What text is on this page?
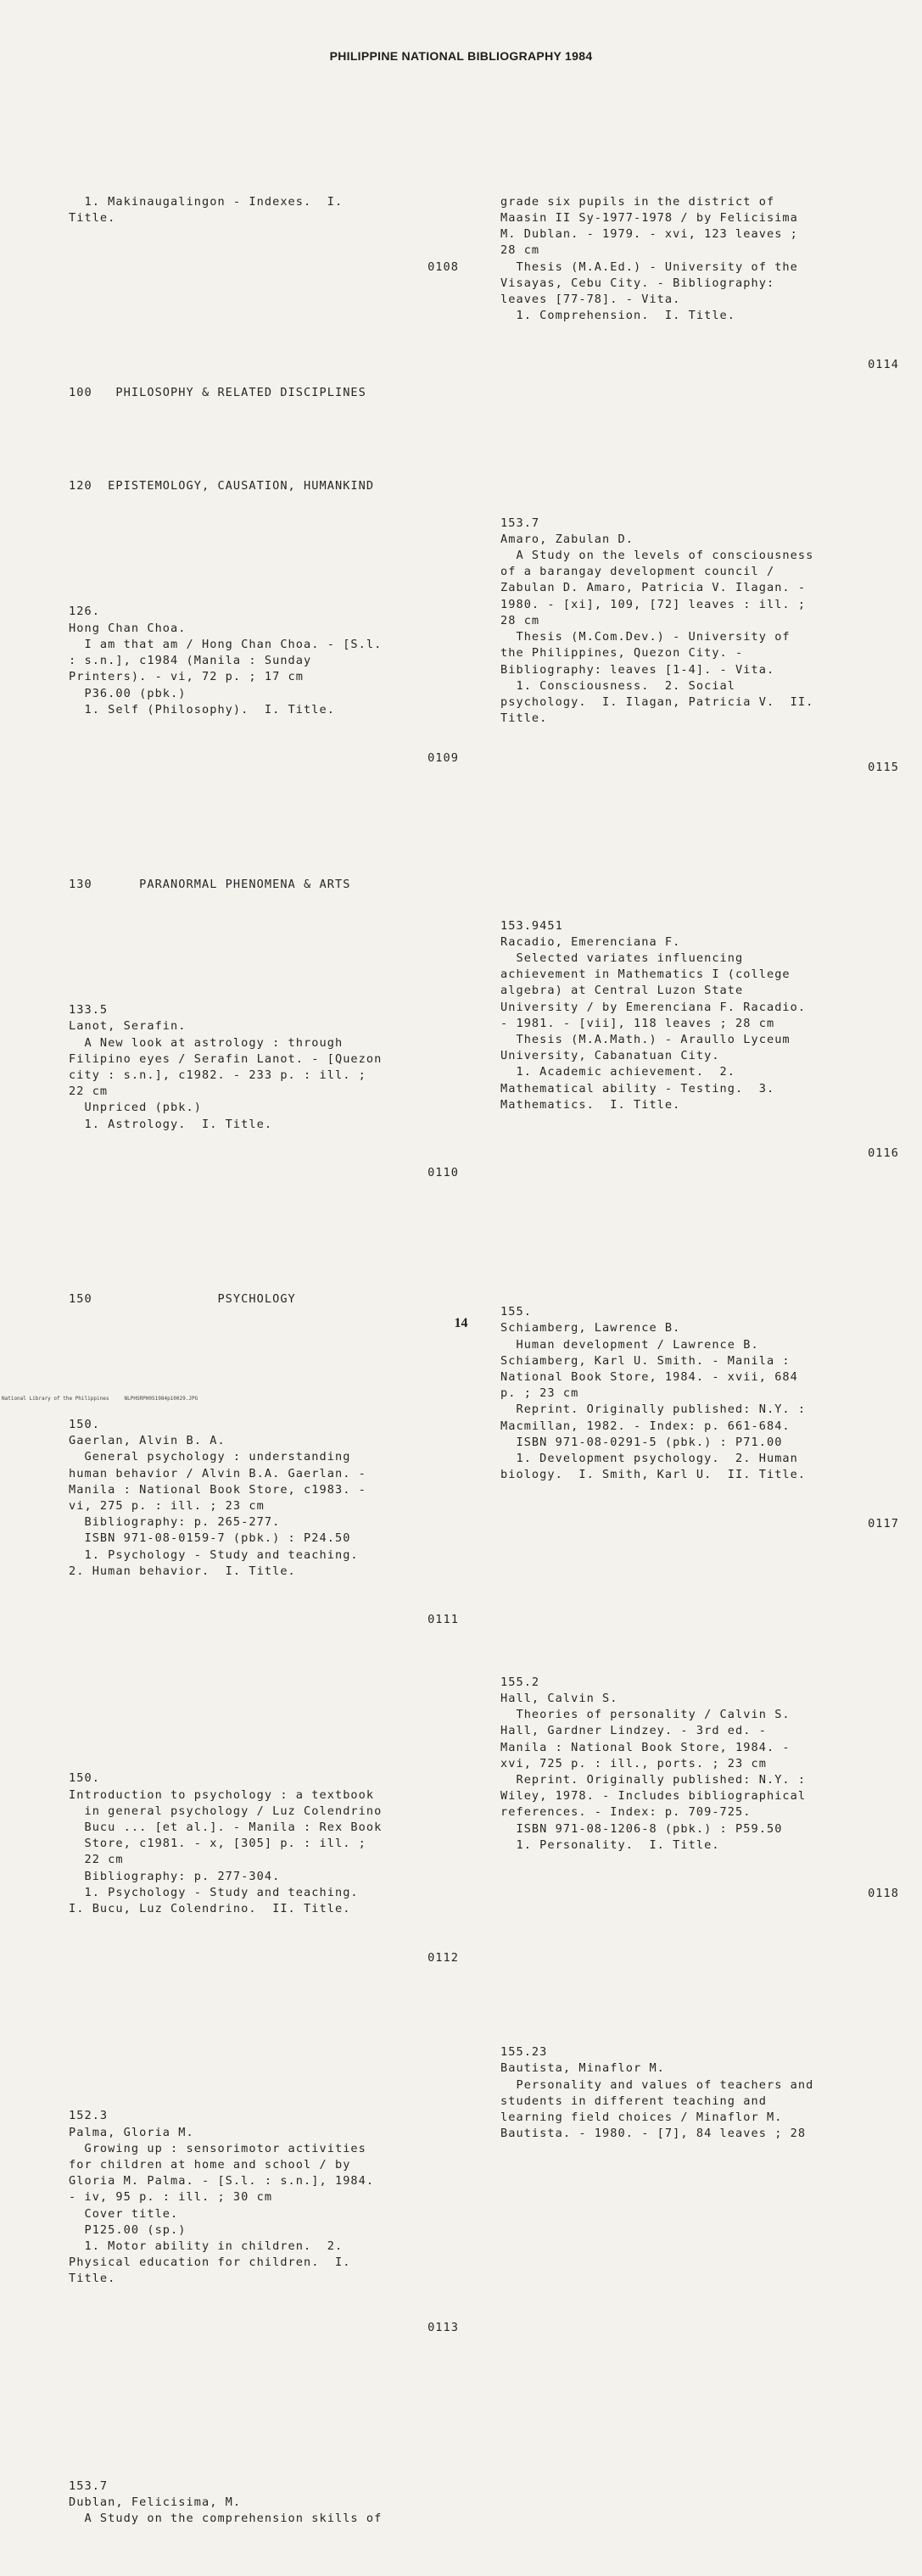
PHILIPPINE NATIONAL BIBLIOGRAPHY 1984

1. Makinaugalingon - Indexes.  I.
Title.

0108

100   PHILOSOPHY & RELATED DISCIPLINES

120  EPISTEMOLOGY, CAUSATION, HUMANKIND

126.
Hong Chan Choa.
I am that am / Hong Chan Choa. - [S.l.
: s.n.], c1984 (Manila : Sunday
Printers). - vi, 72 p. ; 17 cm
P36.00 (pbk.)
1. Self (Philosophy).  I. Title.

0109

130      PARANORMAL PHENOMENA & ARTS

133.5
Lanot, Serafin.
A New look at astrology : through
Filipino eyes / Serafin Lanot. - [Quezon
city : s.n.], c1982. - 233 p. : ill. ;
22 cm
Unpriced (pbk.)
1. Astrology.  I. Title.

0110

150                PSYCHOLOGY

150.
Gaerlan, Alvin B. A.
General psychology : understanding
human behavior / Alvin B.A. Gaerlan. -
Manila : National Book Store, c1983. -
vi, 275 p. : ill. ; 23 cm
Bibliography: p. 265-277.
ISBN 971-08-0159-7 (pbk.) : P24.50
1. Psychology - Study and teaching.
2. Human behavior.  I. Title.

0111

150.
Introduction to psychology : a textbook
in general psychology / Luz Colendrino
Bucu ... [et al.]. - Manila : Rex Book
Store, c1981. - x, [305] p. : ill. ;
22 cm
Bibliography: p. 277-304.
1. Psychology - Study and teaching.
I. Bucu, Luz Colendrino.  II. Title.

0112

152.3
Palma, Gloria M.
Growing up : sensorimotor activities
for children at home and school / by
Gloria M. Palma. - [S.l. : s.n.], 1984.
- iv, 95 p. : ill. ; 30 cm
Cover title.
P125.00 (sp.)
1. Motor ability in children.  2.
Physical education for children.  I.
Title.

0113

153.7
Dublan, Felicisima, M.
A Study on the comprehension skills of

grade six pupils in the district of
Maasin II Sy-1977-1978 / by Felicisima
M. Dublan. - 1979. - xvi, 123 leaves ;
28 cm
Thesis (M.A.Ed.) - University of the
Visayas, Cebu City. - Bibliography:
leaves [77-78]. - Vita.
1. Comprehension.  I. Title.

0114

153.7
Amaro, Zabulan D.
A Study on the levels of consciousness
of a barangay development council /
Zabulan D. Amaro, Patricia V. Ilagan. -
1980. - [xi], 109, [72] leaves : ill. ;
28 cm
Thesis (M.Com.Dev.) - University of
the Philippines, Quezon City. -
Bibliography: leaves [1-4]. - Vita.
1. Consciousness.  2. Social
psychology.  I. Ilagan, Patricia V.  II.
Title.

0115

153.9451
Racadio, Emerenciana F.
Selected variates influencing
achievement in Mathematics I (college
algebra) at Central Luzon State
University / by Emerenciana F. Racadio.
- 1981. - [vii], 118 leaves ; 28 cm
Thesis (M.A.Math.) - Araullo Lyceum
University, Cabanatuan City.
1. Academic achievement.  2.
Mathematical ability - Testing.  3.
Mathematics.  I. Title.

0116

155.
Schiamberg, Lawrence B.
Human development / Lawrence B.
Schiamberg, Karl U. Smith. - Manila :
National Book Store, 1984. - xvii, 684
p. ; 23 cm
Reprint. Originally published: N.Y. :
Macmillan, 1982. - Index: p. 661-684.
ISBN 971-08-0291-5 (pbk.) : P71.00
1. Development psychology.  2. Human
biology.  I. Smith, Karl U.  II. Title.

0117

155.2
Hall, Calvin S.
Theories of personality / Calvin S.
Hall, Gardner Lindzey. - 3rd ed. -
Manila : National Book Store, 1984. -
xvi, 725 p. : ill., ports. ; 23 cm
Reprint. Originally published: N.Y. :
Wiley, 1978. - Includes bibliographical
references. - Index: p. 709-725.
ISBN 971-08-1206-8 (pbk.) : P59.50
1. Personality.  I. Title.

0118

155.23
Bautista, Minaflor M.
Personality and values of teachers and
students in different teaching and
learning field choices / Minaflor M.
Bautista. - 1980. - [7], 84 leaves ; 28

14
National Library of the Philippines     NLPHSRPH051984p10029.JPG
